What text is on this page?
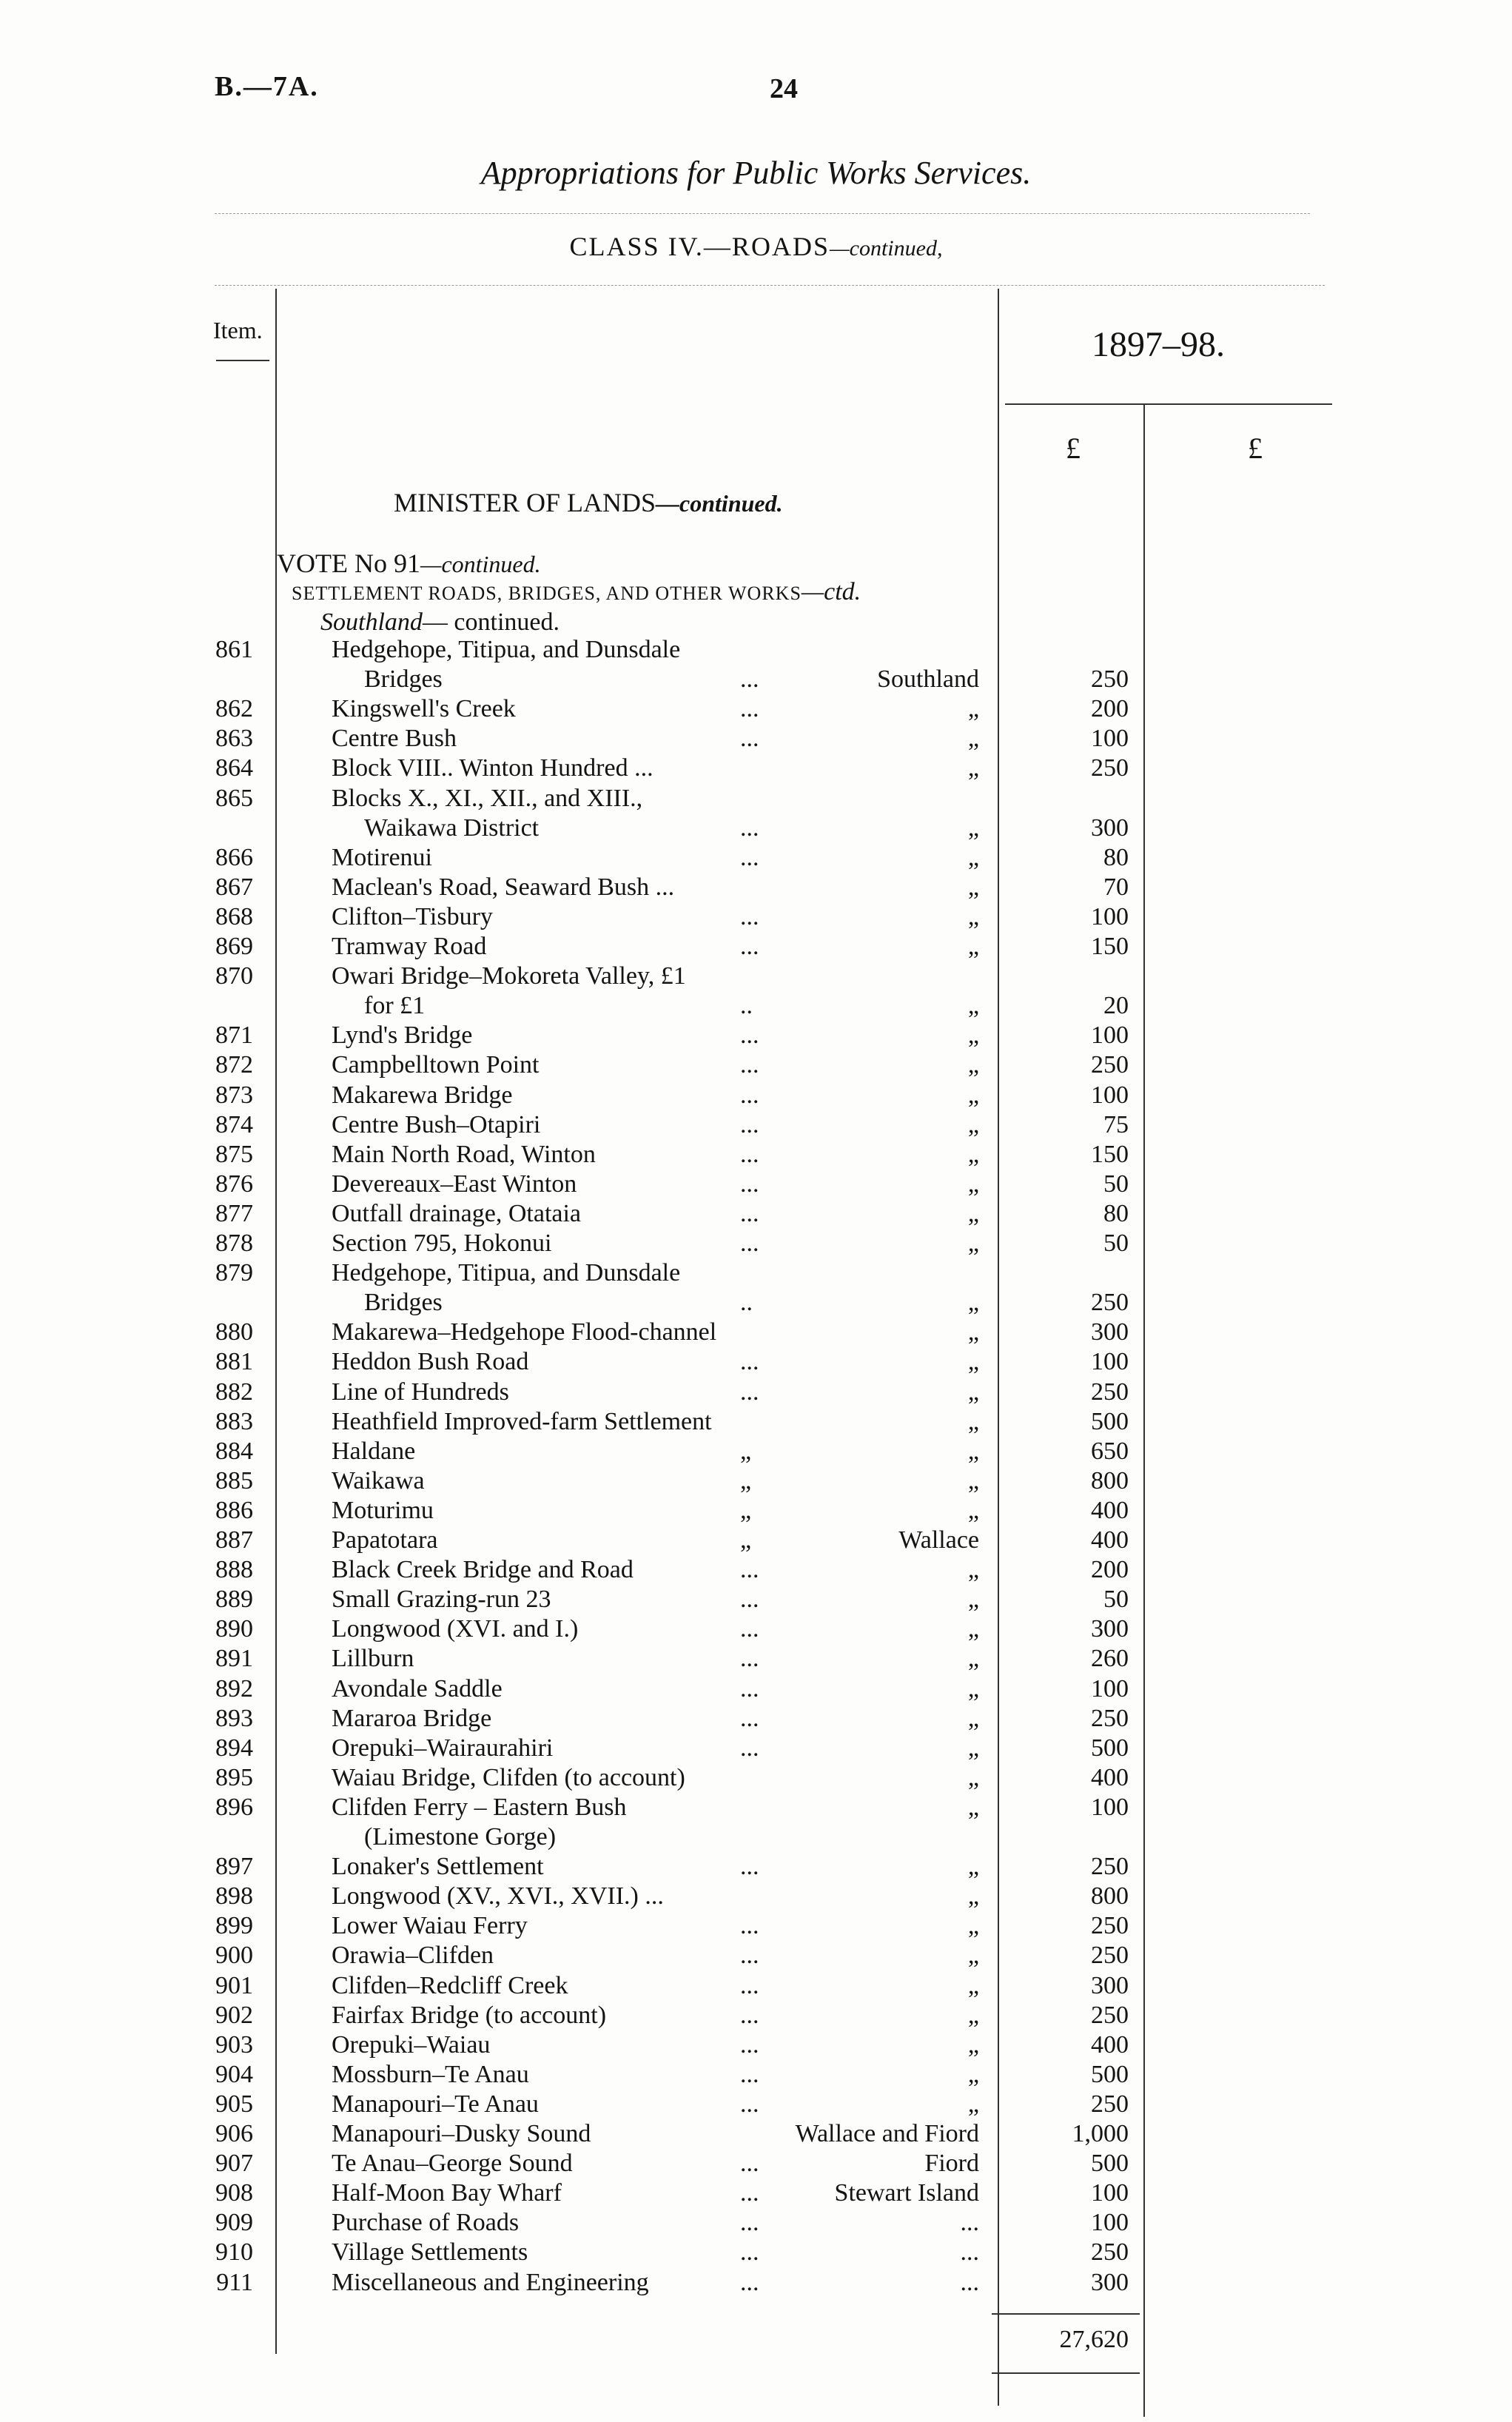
B.—7A.	24
Appropriations for Public Works Services.
CLASS IV.—ROADS—continued,
Item.	1897–98.
£	£
MINISTER OF LANDS—continued.
VOTE No 91—continued.
SETTLEMENT ROADS, BRIDGES, AND OTHER WORKS—ctd.
Southland— continued.
861	Hedgehope, Titipua, and Dunsdale
Bridges	...	Southland	250
862	Kingswell's Creek	...	„	200
863	Centre Bush	...	„	100
864	Block VIII.. Winton Hundred ...	„	250
865	Blocks X., XI., XII., and XIII.,
Waikawa District	...	„	300
866	Motirenui	...	„	80
867	Maclean's Road, Seaward Bush ...	„	70
868	Clifton–Tisbury	...	„	100
869	Tramway Road	...	„	150
870	Owari Bridge–Mokoreta Valley, £1
for £1	..	„	20
871	Lynd's Bridge	...	„	100
872	Campbelltown Point	...	„	250
873	Makarewa Bridge	...	„	100
874	Centre Bush–Otapiri	...	„	75
875	Main North Road, Winton	...	„	150
876	Devereaux–East Winton	...	„	50
877	Outfall drainage, Otataia	...	„	80
878	Section 795, Hokonui	...	„	50
879	Hedgehope, Titipua, and Dunsdale
Bridges	..	„	250
880	Makarewa–Hedgehope Flood-channel	„	300
881	Heddon Bush Road	...	„	100
882	Line of Hundreds	...	„	250
883	Heathfield Improved-farm Settlement	„	500
884	Haldane	„	„	650
885	Waikawa	„	„	800
886	Moturimu	„	„	400
887	Papatotara	„	Wallace	400
888	Black Creek Bridge and Road	...	„	200
889	Small Grazing-run 23	...	„	50
890	Longwood (XVI. and I.)	...	„	300
891	Lillburn	...	„	260
892	Avondale Saddle	...	„	100
893	Mararoa Bridge	...	„	250
894	Orepuki–Wairaurahiri	...	„	500
895	Waiau Bridge, Clifden (to account)	„	400
896	Clifden Ferry – Eastern Bush	„	100
(Limestone Gorge)
897	Lonaker's Settlement	...	„	250
898	Longwood (XV., XVI., XVII.) ...	„	800
899	Lower Waiau Ferry	...	„	250
900	Orawia–Clifden	...	„	250
901	Clifden–Redcliff Creek	...	„	300
902	Fairfax Bridge (to account)	...	„	250
903	Orepuki–Waiau	...	„	400
904	Mossburn–Te Anau	...	„	500
905	Manapouri–Te Anau	...	„	250
906	Manapouri–Dusky Sound	Wallace and Fiord	1,000
907	Te Anau–George Sound	...	Fiord	500
908	Half-Moon Bay Wharf	...	Stewart Island	100
909	Purchase of Roads	...	...	100
910	Village Settlements	...	...	250
911	Miscellaneous and Engineering	...	...	300
27,620
